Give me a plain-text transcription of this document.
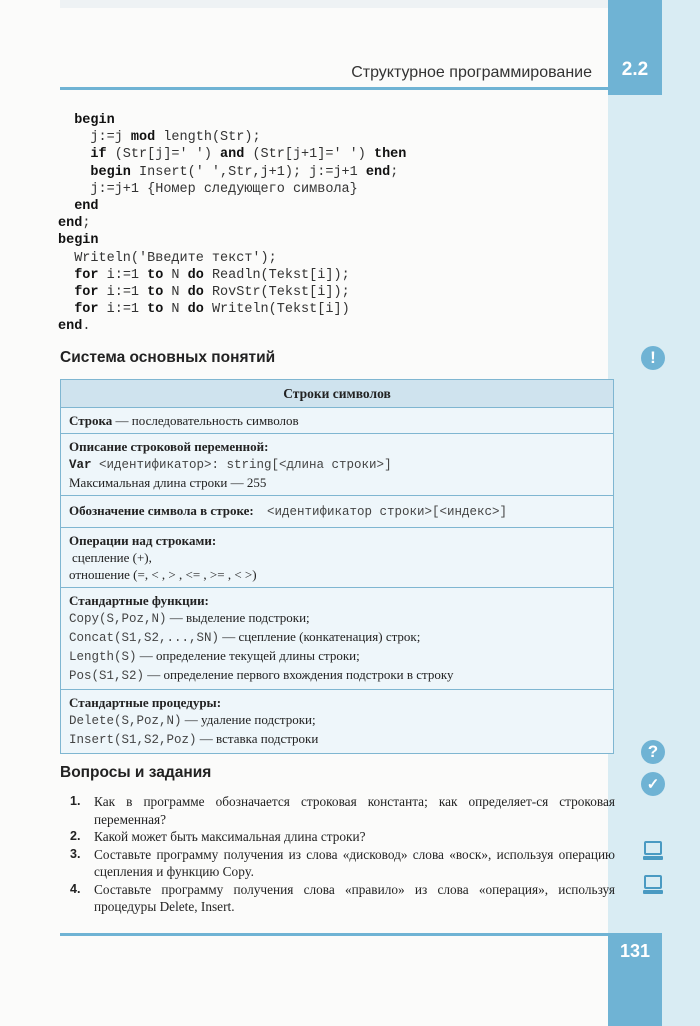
2.2
Структурное программирование
begin
j:=j mod length(Str);
if (Str[j]=' ') and (Str[j+1]=' ') then
begin Insert(' ',Str,j+1); j:=j+1 end;
j:=j+1 {Номер следующего символа}
end
end;
begin
Writeln('Введите текст');
for i:=1 to N do Readln(Tekst[i]);
for i:=1 to N do RovStr(Tekst[i]);
for i:=1 to N do Writeln(Tekst[i])
end.
Система основных понятий	!
Строки символов
Строка — последовательность символов
Описание строковой переменной:
Var <идентификатор>: string[<длина строки>]
Максимальная длина строки — 255
Обозначение символа в строке: <идентификатор строки>[<индекс>]
Операции над строками:
сцепление (+),
отношение (=, < , > , <= , >= , < >)
Стандартные функции:
Copy(S,Poz,N) — выделение подстроки;
Concat(S1,S2,...,SN) — сцепление (конкатенация) строк;
Length(S) — определение текущей длины строки;
Pos(S1,S2) — определение первого вхождения подстроки в строку
Стандартные процедуры:
Delete(S,Poz,N) — удаление подстроки;
Insert(S1,S2,Poz) — вставка подстроки
Вопросы и задания
?
✓
1. Как в программе обозначается строковая константа; как определяет-ся строковая переменная?
2. Какой может быть максимальная длина строки?
3. Составьте программу получения из слова «дисковод» слова «воск», используя операцию сцепления и функцию Copy.
4. Составьте программу получения слова «правило» из слова «операция», используя процедуры Delete, Insert.
131
